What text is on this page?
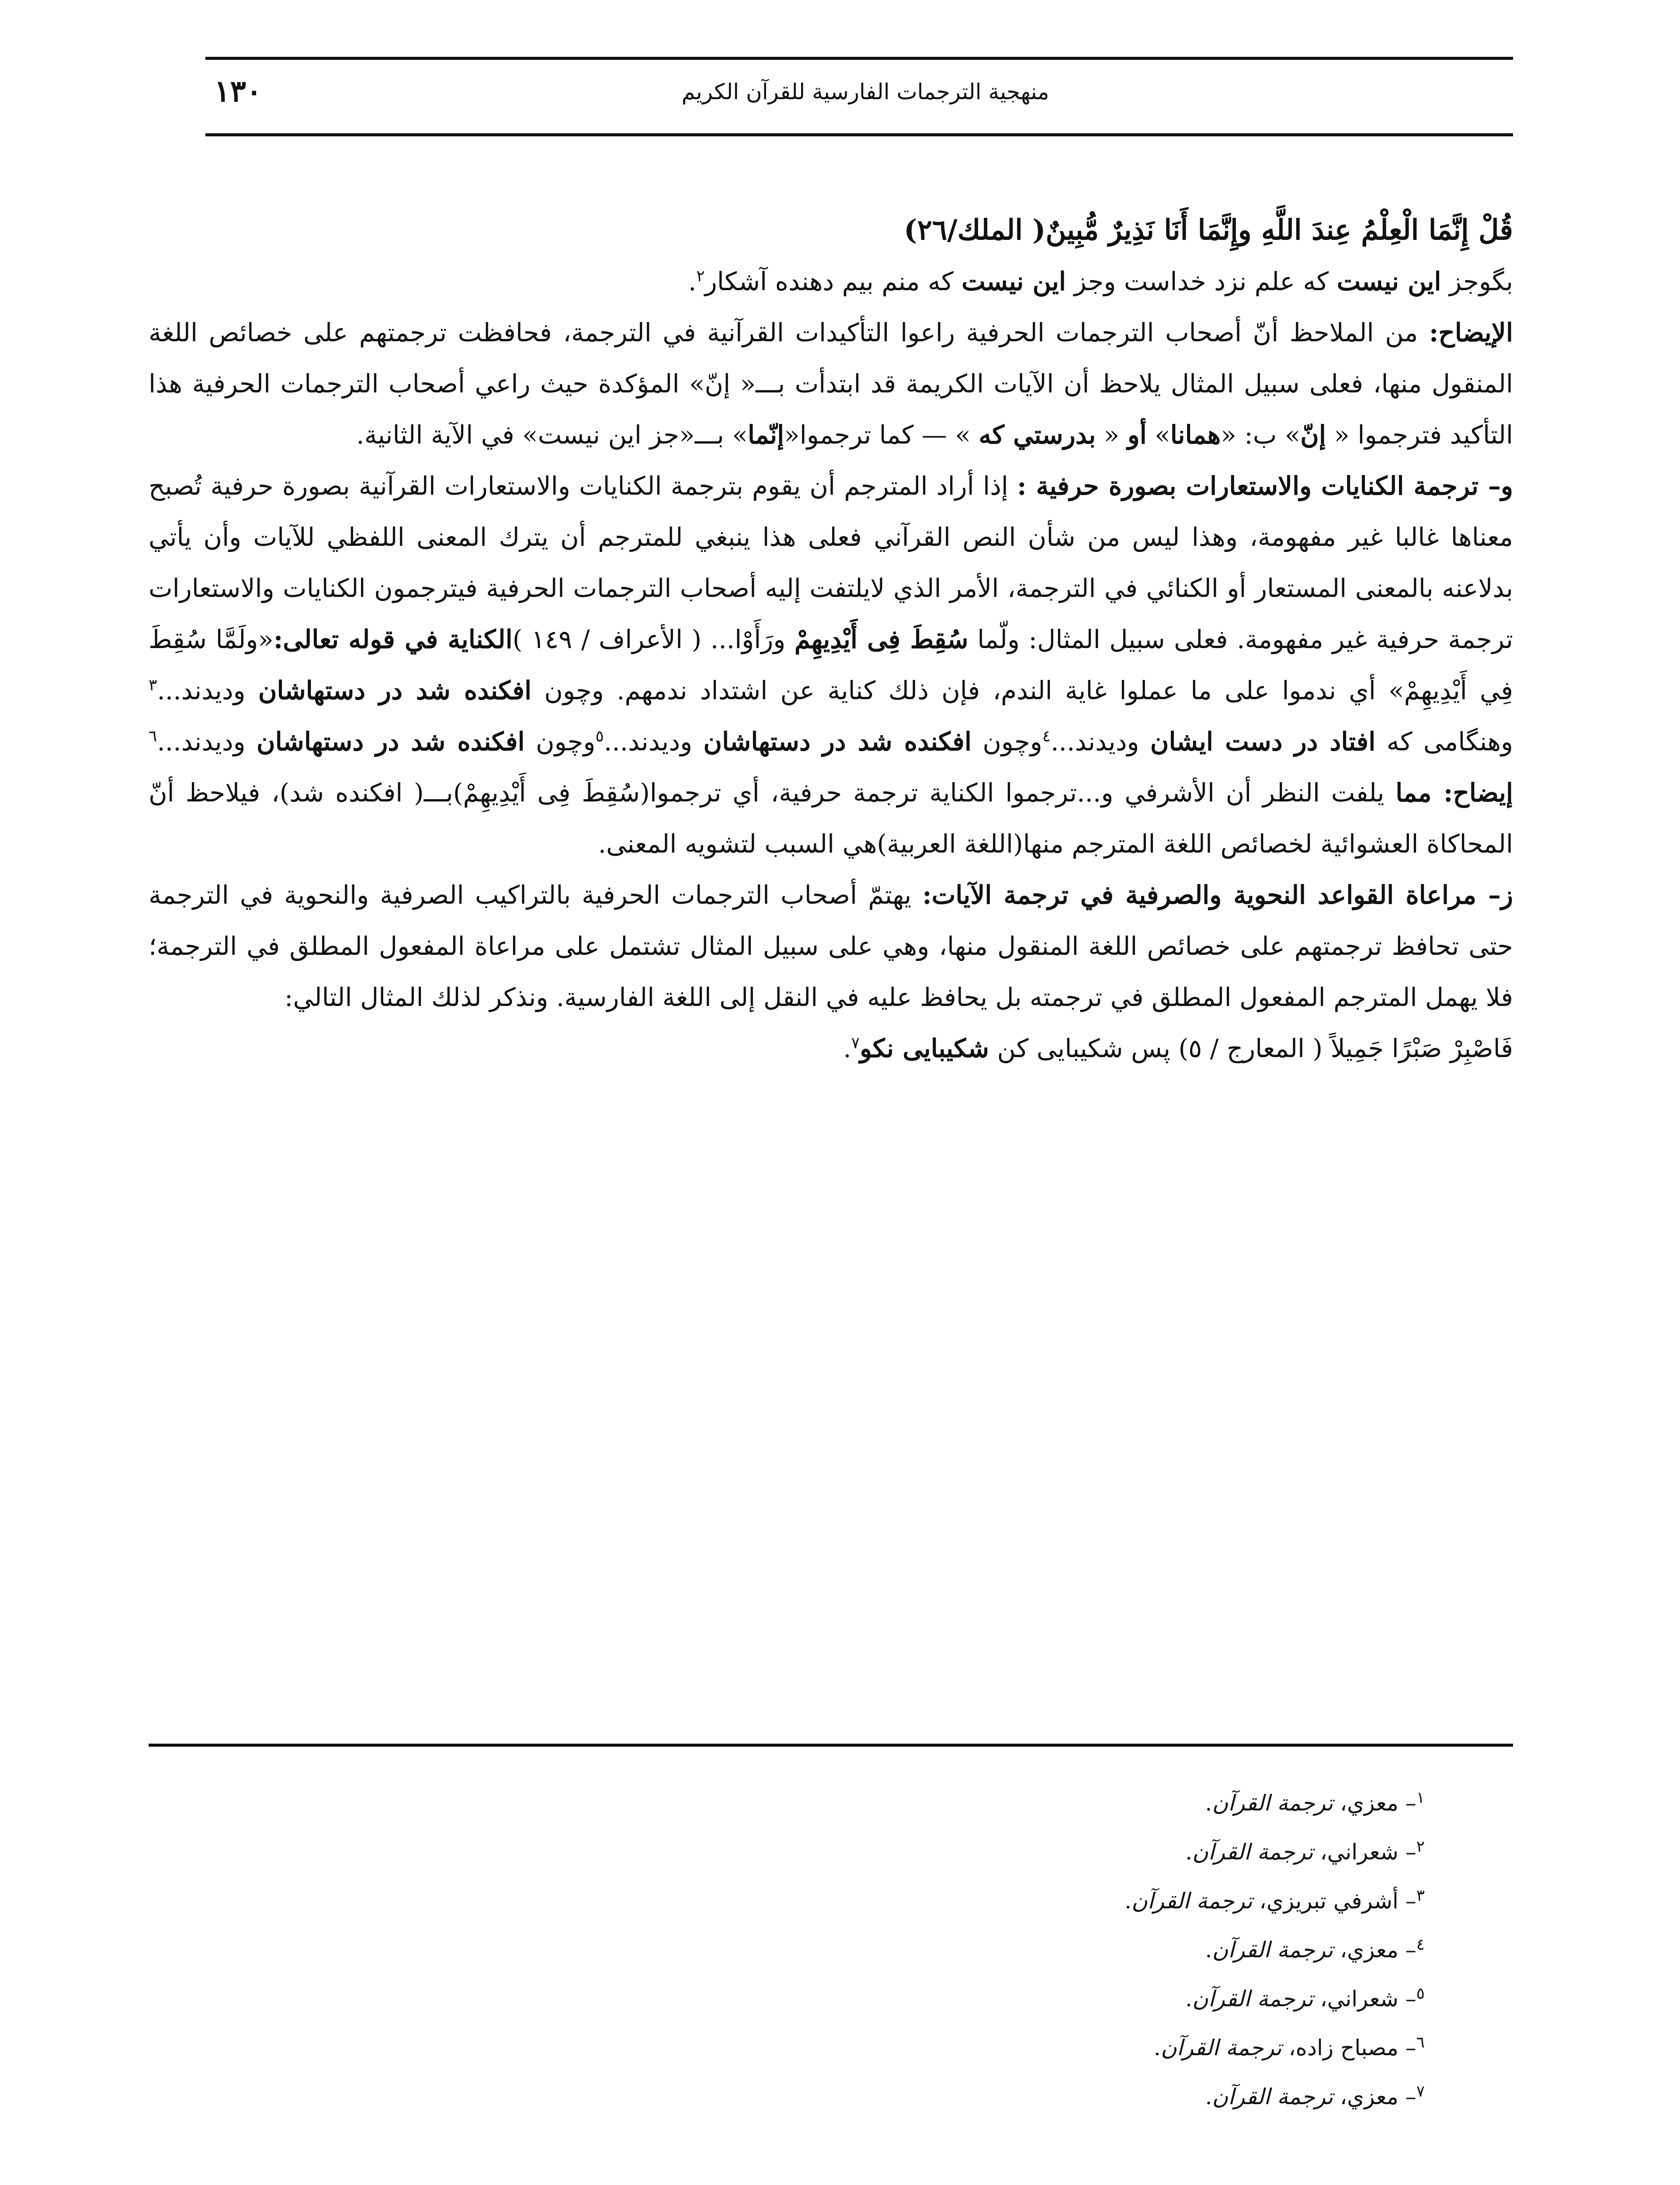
١٣٠	منهجية الترجمات الفارسية للقرآن الكريم

قُلْ إِنَّمَا الْعِلْمُ عِندَ اللَّهِ وإِنَّمَا أَنَا نَذِيرٌ مُّبِينٌ( الملك/٢٦)

بگوجز اين نيست كه علم نزد خداست وجز اين نيست كه منم بيم دهنده آشكار$^٢$.

الإيضاح: من الملاحظ أنّ أصحاب الترجمات الحرفية راعوا التأكيدات القرآنية في الترجمة، فحافظت ترجمتهم على خصائص اللغة المنقول منها، فعلى سبيل المثال يلاحظ أن الآيات الكريمة قد ابتدأت بـــ« إنّ» المؤكدة حيث راعي أصحاب الترجمات الحرفية هذا التأكيد فترجموا « إنّ» ب: «همانا» أو « بدرستي كه » — كما ترجموا«إنّما» بـــ«جز اين نيست» في الآية الثانية.

و– ترجمة الكنايات والاستعارات بصورة حرفية : إذا أراد المترجم أن يقوم بترجمة الكنايات والاستعارات القرآنية بصورة حرفية تُصبح معناها غالبا غير مفهومة، وهذا ليس من شأن النص القرآني فعلى هذا ينبغي للمترجم أن يترك المعنى اللفظي للآيات وأن يأتي بدلاعنه بالمعنى المستعار أو الكنائي في الترجمة، الأمر الذي لايلتفت إليه أصحاب الترجمات الحرفية فيترجمون الكنايات والاستعارات ترجمة حرفية غير مفهومة. فعلى سبيل المثال: ولّما سُقِطَ فِى أَيْدِيهِمْ ورَأَوْا... ( الأعراف / ١٤٩ )الكناية في قوله تعالى:«ولَمَّا سُقِطَ فِي أَيْدِيهِمْ» أي ندموا على ما عملوا غاية الندم، فإن ذلك كناية عن اشتداد ندمهم. وچون افكنده شد در دستهاشان وديدند...$^٣$ وهنگامى كه افتاد در دست ايشان وديدند...$^٤$وچون افكنده شد در دستهاشان وديدند...$^٥$وچون افكنده شد در دستهاشان وديدند...$^٦$ إيضاح: مما يلفت النظر أن الأشرفي و...ترجموا الكناية ترجمة حرفية، أي ترجموا(سُقِطَ فِى أَيْدِيهِمْ)بـــ( افكنده شد)، فيلاحظ أنّ المحاكاة العشوائية لخصائص اللغة المترجم منها(اللغة العربية)هي السبب لتشويه المعنى.

ز– مراعاة القواعد النحوية والصرفية في ترجمة الآيات: يهتمّ أصحاب الترجمات الحرفية بالتراكيب الصرفية والنحوية في الترجمة حتى تحافظ ترجمتهم على خصائص اللغة المنقول منها، وهي على سبيل المثال تشتمل على مراعاة المفعول المطلق في الترجمة؛ فلا يهمل المترجم المفعول المطلق في ترجمته بل يحافظ عليه في النقل إلى اللغة الفارسية. ونذكر لذلك المثال التالي:

فَاصْبِرْ صَبْرًا جَمِيلاً ( المعارج / ٥) پس شكيبايى كن شكيبايى نكو$^٧$.

$^١$– معزي، ترجمة القرآن.

$^٢$– شعراني، ترجمة القرآن.

$^٣$– أشرفي تبريزي، ترجمة القرآن.

$^٤$– معزي، ترجمة القرآن.

$^٥$– شعراني، ترجمة القرآن.

$^٦$– مصباح زاده، ترجمة القرآن.

$^٧$– معزي، ترجمة القرآن.
